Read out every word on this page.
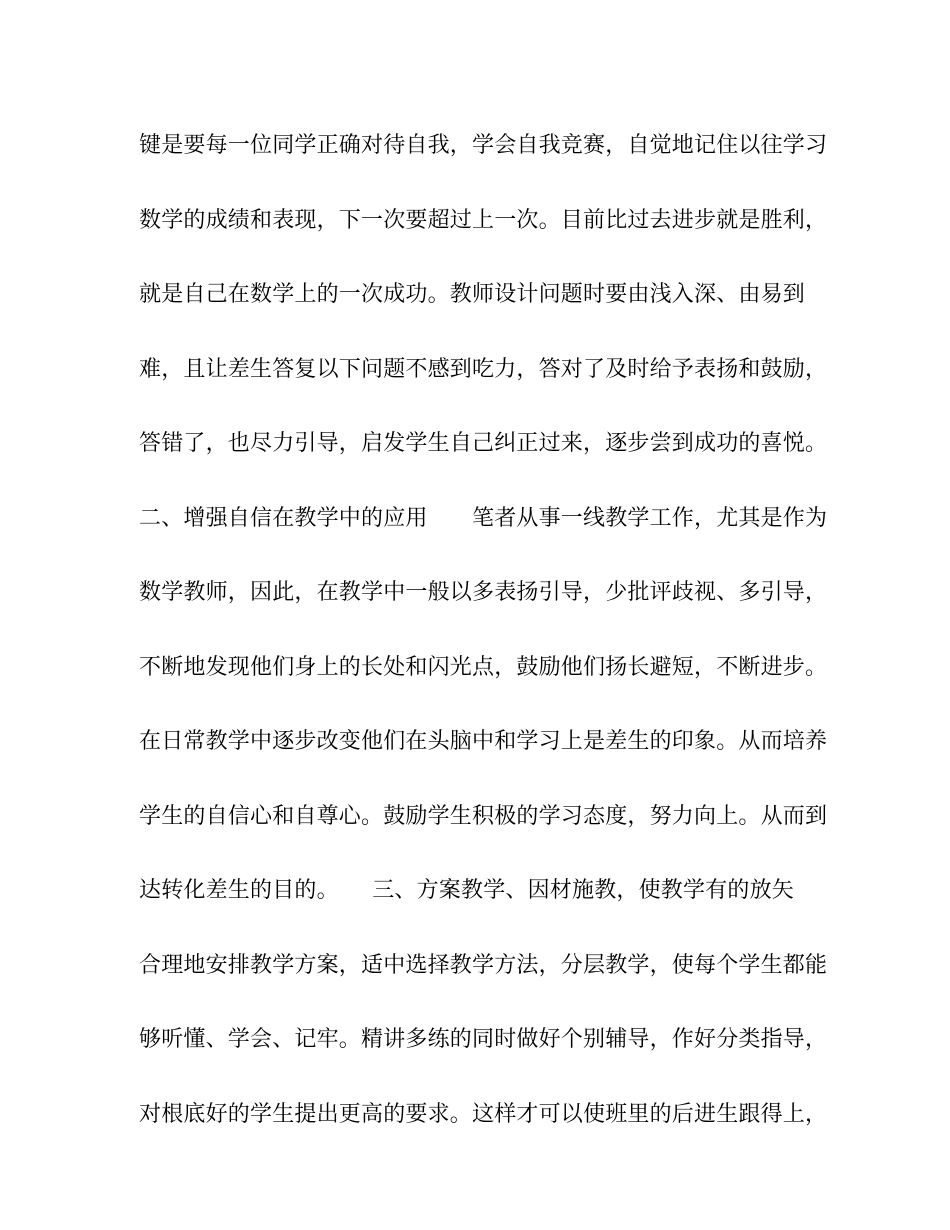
键是要每一位同学正确对待自我，学会自我竞赛，自觉地记住以往学习
数学的成绩和表现，下一次要超过上一次。目前比过去进步就是胜利，
就是自己在数学上的一次成功。教师设计问题时要由浅入深、由易到
难，且让差生答复以下问题不感到吃力，答对了及时给予表扬和鼓励，
答错了，也尽力引导，启发学生自己纠正过来，逐步尝到成功的喜悦。
二、增强自信在教学中的应用　　笔者从事一线教学工作，尤其是作为
数学教师，因此，在教学中一般以多表扬引导，少批评歧视、多引导，
不断地发现他们身上的长处和闪光点，鼓励他们扬长避短，不断进步。
在日常教学中逐步改变他们在头脑中和学习上是差生的印象。从而培养
学生的自信心和自尊心。鼓励学生积极的学习态度，努力向上。从而到
达转化差生的目的。　　三、方案教学、因材施教，使教学有的放矢
合理地安排教学方案，适中选择教学方法，分层教学，使每个学生都能
够听懂、学会、记牢。精讲多练的同时做好个别辅导，作好分类指导，
对根底好的学生提出更高的要求。这样才可以使班里的后进生跟得上，
